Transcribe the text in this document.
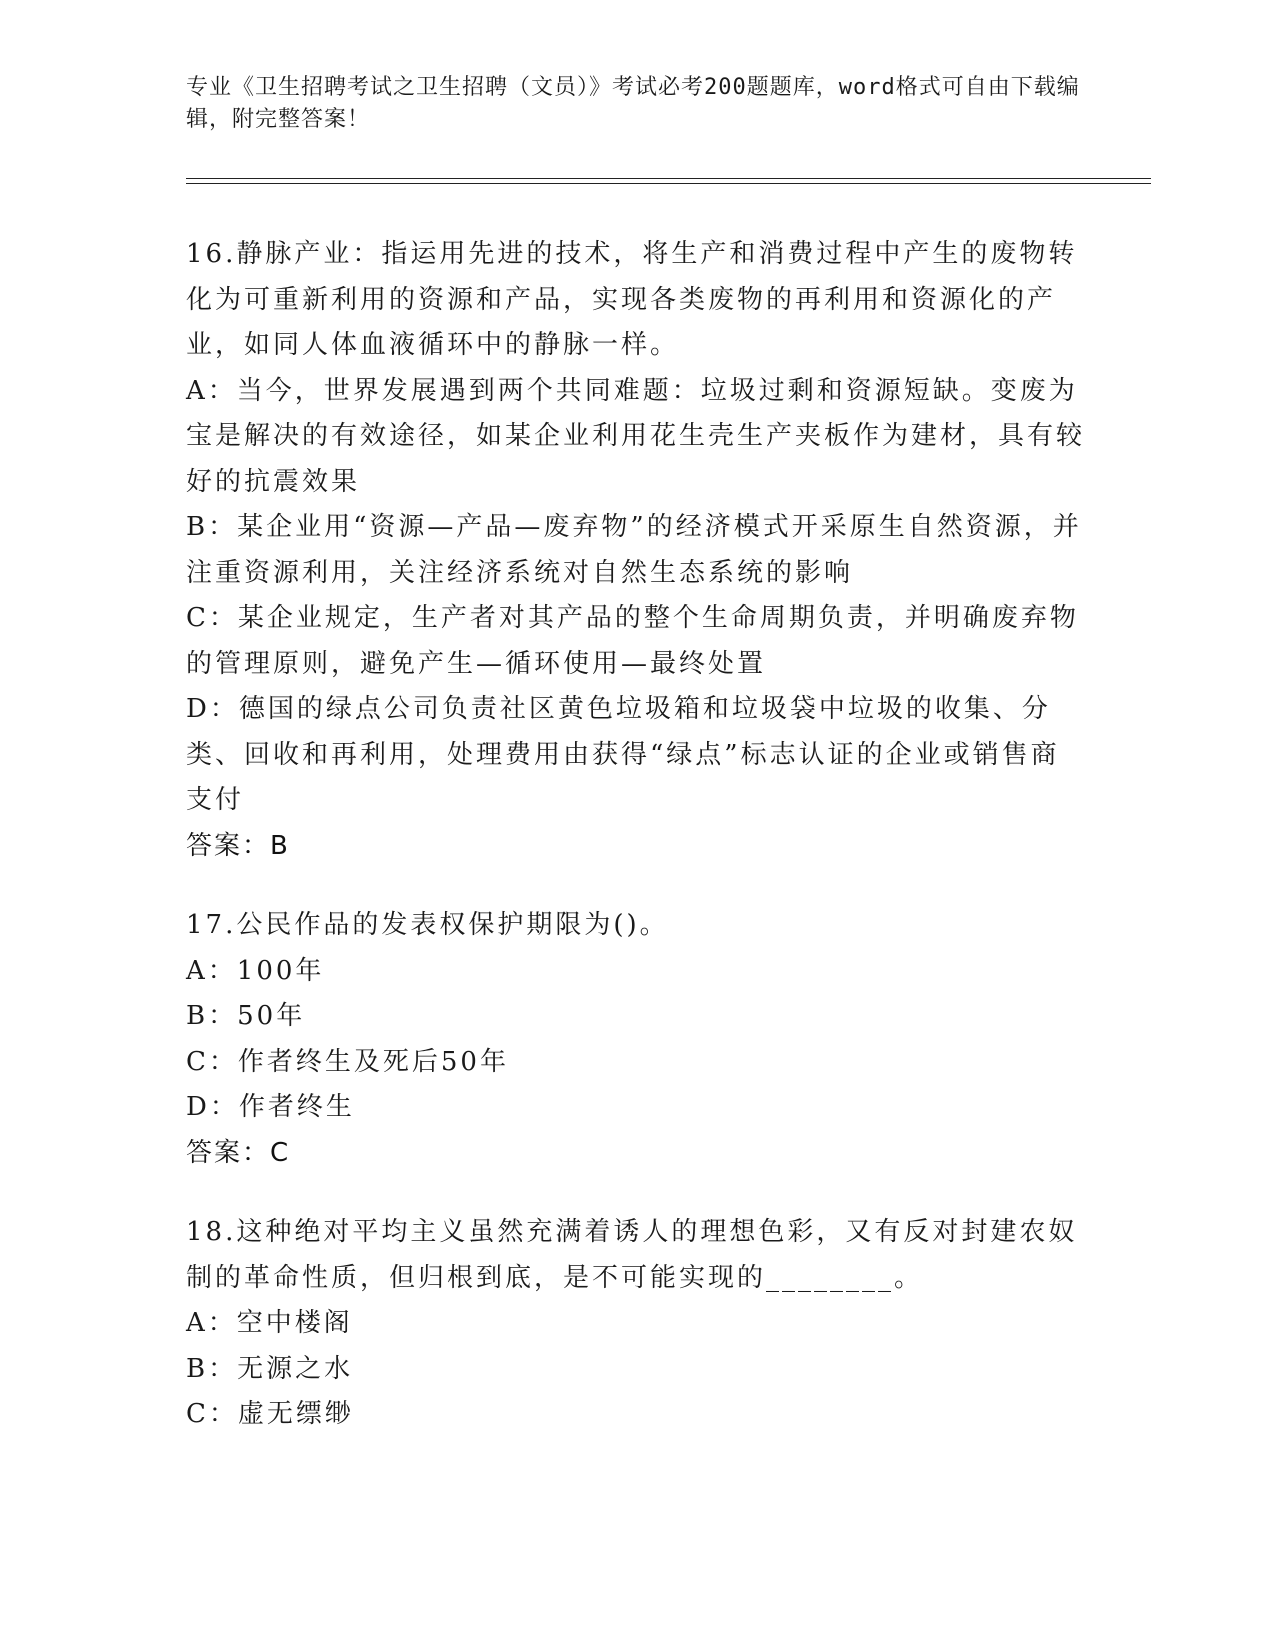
专业《卫生招聘考试之卫生招聘（文员）》考试必考200题题库，word格式可自由下载编辑，附完整答案！
16.静脉产业：指运用先进的技术，将生产和消费过程中产生的废物转化为可重新利用的资源和产品，实现各类废物的再利用和资源化的产业，如同人体血液循环中的静脉一样。
A：当今，世界发展遇到两个共同难题：垃圾过剩和资源短缺。变废为宝是解决的有效途径，如某企业利用花生壳生产夹板作为建材，具有较好的抗震效果
B：某企业用“资源—产品—废弃物”的经济模式开采原生自然资源，并注重资源利用，关注经济系统对自然生态系统的影响
C：某企业规定，生产者对其产品的整个生命周期负责，并明确废弃物的管理原则，避免产生—循环使用—最终处置
D：德国的绿点公司负责社区黄色垃圾箱和垃圾袋中垃圾的收集、分类、回收和再利用，处理费用由获得“绿点”标志认证的企业或销售商支付
答案：B
17.公民作品的发表权保护期限为()。
A：100年
B：50年
C：作者终生及死后50年
D：作者终生
答案：C
18.这种绝对平均主义虽然充满着诱人的理想色彩，又有反对封建农奴制的革命性质，但归根到底，是不可能实现的________。
A：空中楼阁
B：无源之水
C：虚无缥缈
